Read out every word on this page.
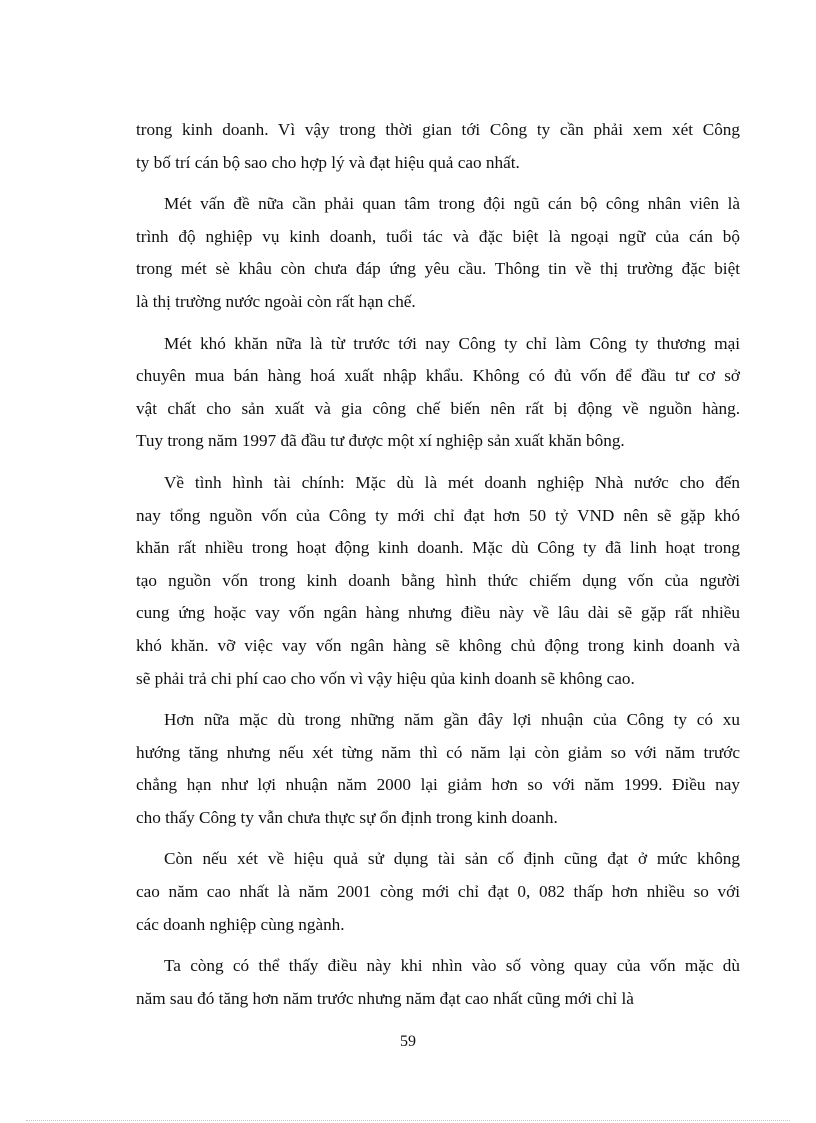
trong kinh doanh. Vì vậy trong thời gian tới Công ty cần phải xem xét Công
ty bố trí cán bộ sao cho hợp lý và đạt hiệu quả cao nhất.
Mét vấn đề nữa cần phải quan tâm trong đội ngũ cán bộ công nhân viên là
trình độ nghiệp vụ kinh doanh, tuổi tác và đặc biệt là ngoại ngữ của cán bộ
trong mét sè khâu còn chưa đáp ứng yêu cầu. Thông tin về thị trường đặc biệt
là thị trường nước ngoài còn rất hạn chế.
Mét khó khăn nữa là từ trước tới nay Công ty chỉ làm Công ty thương mại
chuyên mua bán hàng hoá xuất nhập khẩu. Không có đủ vốn để đầu tư cơ sở
vật chất cho sản xuất và gia công chế biến nên rất bị động về nguồn hàng.
Tuy trong năm 1997 đã đầu tư được một xí nghiệp sản xuất khăn bông.
Về tình hình tài chính: Mặc dù là mét doanh nghiệp Nhà nước cho đến
nay tổng nguồn vốn của Công ty mới chỉ đạt hơn 50 tỷ VND nên sẽ gặp khó
khăn rất nhiều trong hoạt động kinh doanh. Mặc dù Công ty đã linh hoạt trong
tạo nguồn vốn trong kinh doanh bằng hình thức chiếm dụng vốn của người
cung ứng hoặc vay vốn ngân hàng nhưng điều này về lâu dài sẽ gặp rất nhiều
khó khăn. vỡ việc vay vốn ngân hàng sẽ không chủ động trong kinh doanh và
sẽ phải trả chi phí cao cho vốn vì vậy hiệu qủa kinh doanh sẽ không cao.
Hơn nữa mặc dù trong những năm gần đây lợi nhuận của Công ty có xu
hướng tăng nhưng nếu xét từng năm thì có năm lại còn giảm so với năm trước
chẳng hạn như lợi nhuận năm 2000 lại giảm hơn so với năm 1999. Điều nay
cho thấy Công ty vẫn chưa thực sự ổn định trong kinh doanh.
Còn nếu xét về hiệu quả sử dụng tài sản cố định cũng đạt ở mức không
cao năm cao nhất là năm 2001 còng mới chỉ đạt 0, 082 thấp hơn nhiều so với
các doanh nghiệp cùng ngành.
Ta còng có thể thấy điều này khi nhìn vào số vòng quay của vốn mặc dù
năm sau đó tăng hơn năm trước nhưng năm đạt cao nhất cũng mới chỉ là
59
